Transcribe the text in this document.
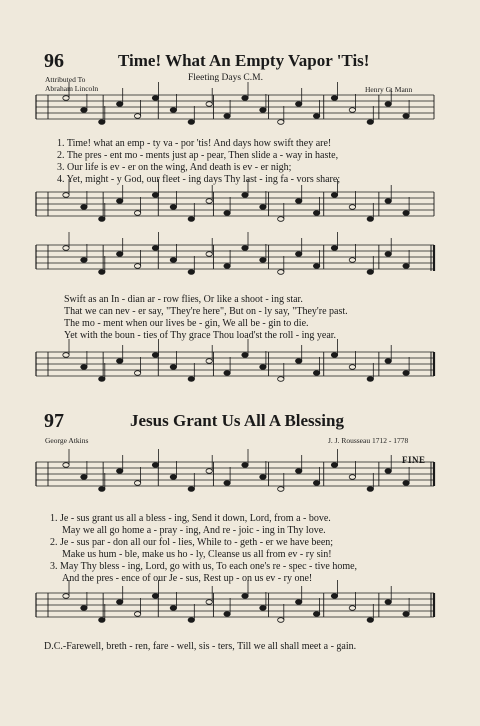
96	Time! What An Empty Vapor 'Tis!
Attributed To
Abraham Lincoln
Fleeting Days C.M.
Henry G. Mann
1. Time! what an emp - ty va - por 'tis! And days how swift they are!
2. The pres - ent mo - ments just ap - pear, Then slide a - way in haste,
3. Our life is ev - er on the wing, And death is ev - er nigh;
4. Yet, might - y God, our fleet - ing days Thy last - ing fa - vors share;
Swift as an In - dian ar - row flies, Or like a shoot - ing star.
That we can nev - er say, "They're here", But on - ly say, "They're past.
The mo - ment when our lives be - gin, We all be - gin to die.
Yet with the boun - ties of Thy grace Thou load'st the roll - ing year.
97	Jesus Grant Us All A Blessing
George Atkins	J. J. Rousseau 1712 - 1778
FINE
1. Je - sus grant us all a bless - ing, Send it down, Lord, from a - bove.
May we all go home a - pray - ing, And re - joic - ing in Thy love.
2. Je - sus par - don all our fol - lies, While to - geth - er we have been;
Make us hum - ble, make us ho - ly, Cleanse us all from ev - ry sin!
3. May Thy bless - ing, Lord, go with us, To each one's re - spec - tive home,
And the pres - ence of our Je - sus, Rest up - on us ev - ry one!
D.C.-Farewell, breth - ren, fare - well, sis - ters, Till we all shall meet a - gain.
